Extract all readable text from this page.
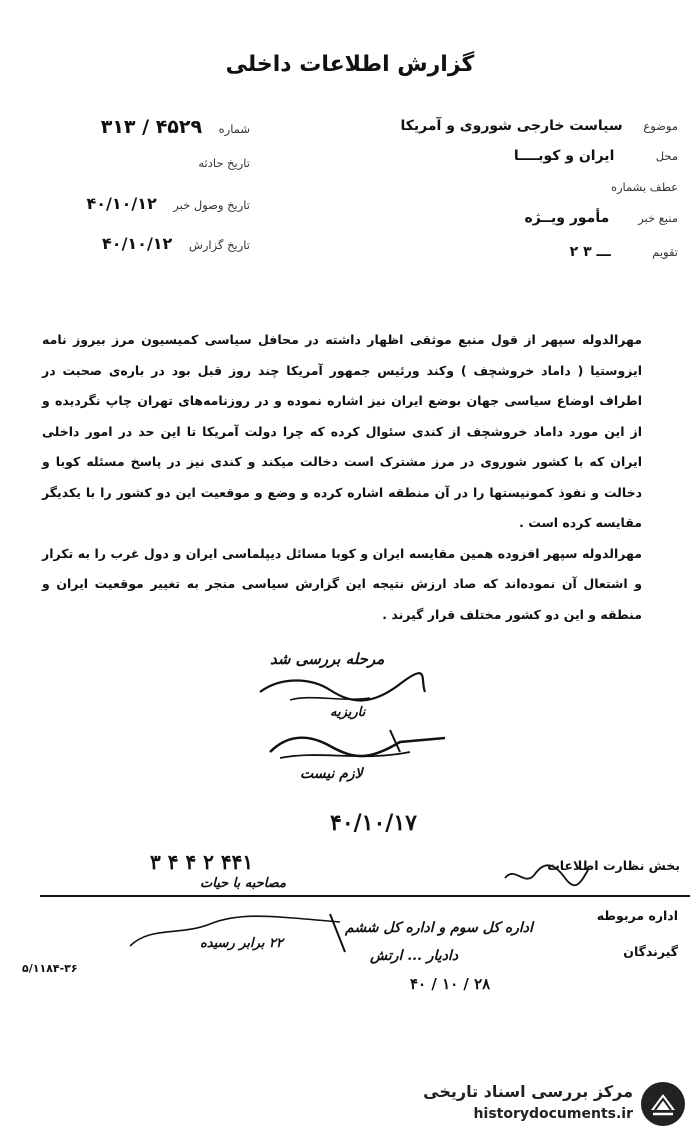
گزارش اطلاعات داخلی
موضوع     سیاست خارجی شوروی و آمریکا
محل          ایران و کوبــــا
عطف بشماره
منبع خبر       مأمور ویــژه
تقویم          ۲ ـــ ۳
شماره    ۳۱۳ / ۴۵۲۹
تاریخ حادثه
تاریخ وصول خبر    ۴۰/۱۰/۱۲
تاریخ گزارش    ۴۰/۱۰/۱۲

مهرالدوله سپهر از قول منبع موثقی اظهار داشته در محافل سیاسی کمیسیون مرز بیروز نامه ایزوستیا ( داماد خروشچف ) وکند ورئیس جمهور آمریکا چند روز قبل بود در باره‌ی صحبت در اطراف اوضاع سیاسی جهان بوضع ایران نیز اشاره نموده و در روزنامه‌های تهران چاپ نگردیده و از این مورد داماد خروشچف از کندی سئوال کرده که چرا دولت آمریکا تا این حد در امور داخلی ایران که با کشور شوروی در مرز مشترک است دخالت میکند و کندی نیز در پاسخ مسئله کوبا و دخالت و نفوذ کمونیستها را در آن منطقه اشاره کرده و وضع و موقعیت این دو کشور را با یکدیگر مقایسه کرده است .

مهرالدوله سپهر افزوده همین مقایسه ایران و کوبا مسائل دیپلماسی ایران و دول غرب را به تکرار و اشتعال آن نموده‌اند که صاد ارزش نتیجه این گزارش سیاسی منجر به تغییر موقعیت ایران و منطقه و این دو کشور مختلف قرار گیرند .

مرحله بررسی شد
ناریزیه
لازم نیست
۴۰/۱۰/۱۷
۴۴۱ ۲ ۴ ۴ ۳
مصاحبه با حیات
بخش نظارت اطلاعات
اداره مربوطه
اداره کل سوم و اداره کل ششم
۲۲ برابر رسیده
گیرندگان
دادیار ... ارتش
۲۸ / ۱۰ / ۴۰
۵/۱۱۸۴-۳۶
مرکز بررسی اسناد تاریخی
historydocuments.ir
